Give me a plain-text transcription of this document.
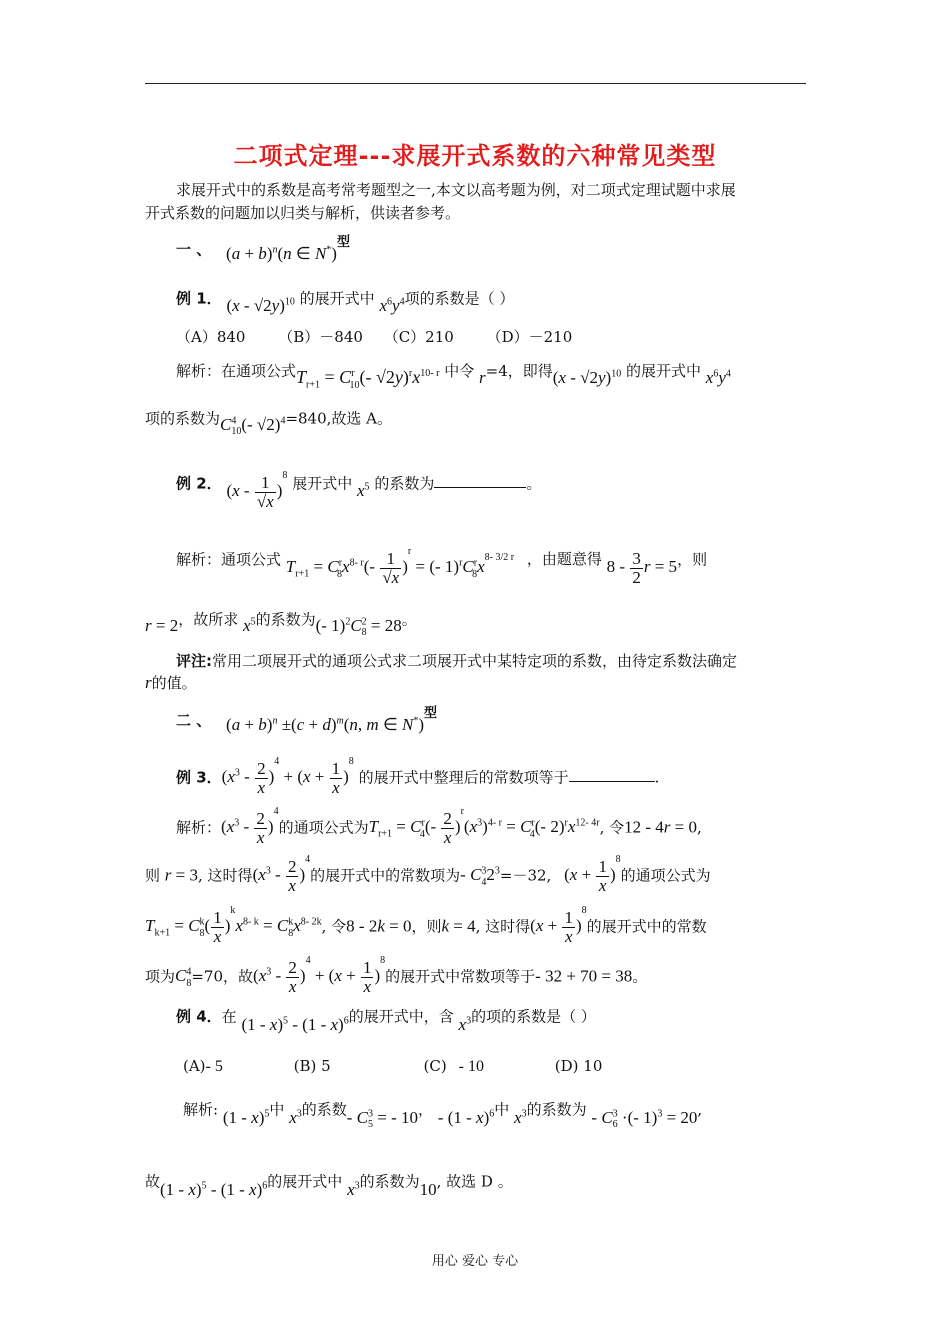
二项式定理---求展开式系数的六种常见类型
求展开式中的系数是高考常考题型之一,本文以高考题为例，对二项式定理试题中求展
开式系数的问题加以归类与解析，供读者参考。
一 、 $(a + b)^n(n$ ∈ N*)型
例 1． (x - √2y)$^{10}$ 的展开式中 $x^6y^4$项的系数是（ ）
（A）840 （B）－840 （C）210 （D）－210
解析：在通项公式$T_{r+1} = C^r_{10}(-$ $√2y)^rx^{10- r}$ 中令 r=4，即得(x - √2y)$^{10}$ 的展开式中 $x^6y^4$
项的系数为$C^4_{10}(-$ √2)$^4$=840,故选 A。
例 2． $(x - \frac{1}{√x} )^8$ 展开式中 $x^5$ 的系数为	。
解析：通项公式 $T_{r+1} = C^r_8x^{8- r}(- \frac{1}{√x} )^r$ = (- $1)^rC^r_8x^{8- 3/2 r}$ ，由题意得 $8 - \frac{3}{2}$ r = 5，则
r = 2，故所求 $x^5$的系数为(- $1)^2C^2_8 = 28$。
评注:常用二项展开式的通项公式求二项展开式中某特定项的系数，由待定系数法确定
r的值。
二 、 $(a + b)^n \pm(c + d)^m(n$, m ∈ N*)型
例 3．$(x^3 - \frac{2}{x} )^4 + (x + \frac{1}{x} )^8$ 的展开式中整理后的常数项等于	.
解析：$(x^3 - \frac{2}{x} )^4$的通项公式为$T_{r+1} = C^r_4(- \frac{2}{x} )^r(x^3)^{4- r} = C^r_4(-$ $2)^rx^{12- 4r}$, 令12 - 4r = 0,
则 r = 3, 这时得$(x^3 - \frac{2}{x} )^4$的展开式中的常数项为- $C^3_42^3=-32$, $(x + \frac{1}{x} )^8$的通项公式为
$T_{k+1} = C^k_8( \frac{1}{x} )^kx^{8- k} = C^k_8x^{8- 2k}$, 令8 - 2k = 0，则k = 4, 这时得$(x + \frac{1}{x} )^8$的展开式中的常数
项为$C^4_8=70$，故$(x^3 - \frac{2}{x} )^4 + (x + \frac{1}{x} )^8$的展开式中常数项等于- 32 + 70 = 38。
例 4．在 (1 - x)$^5$ - (1 - x)$^6$的展开式中，含 $x^3$的项的系数是（ ）
(A)- 5	(B) 5	(C) - 10	(D) 10
解析: (1 - x)$^5$中 $x^3$的系数- $C^3_5$ = - 10， - (1 - x)$^6$中 $x^3$的系数为 - $C^3_6$ ·(- 1)$^3$ = 20,
故(1 - x)$^5$ - (1 - x)$^6$的展开式中 $x^3$的系数为10, 故选 D 。
用心 爱心 专心
